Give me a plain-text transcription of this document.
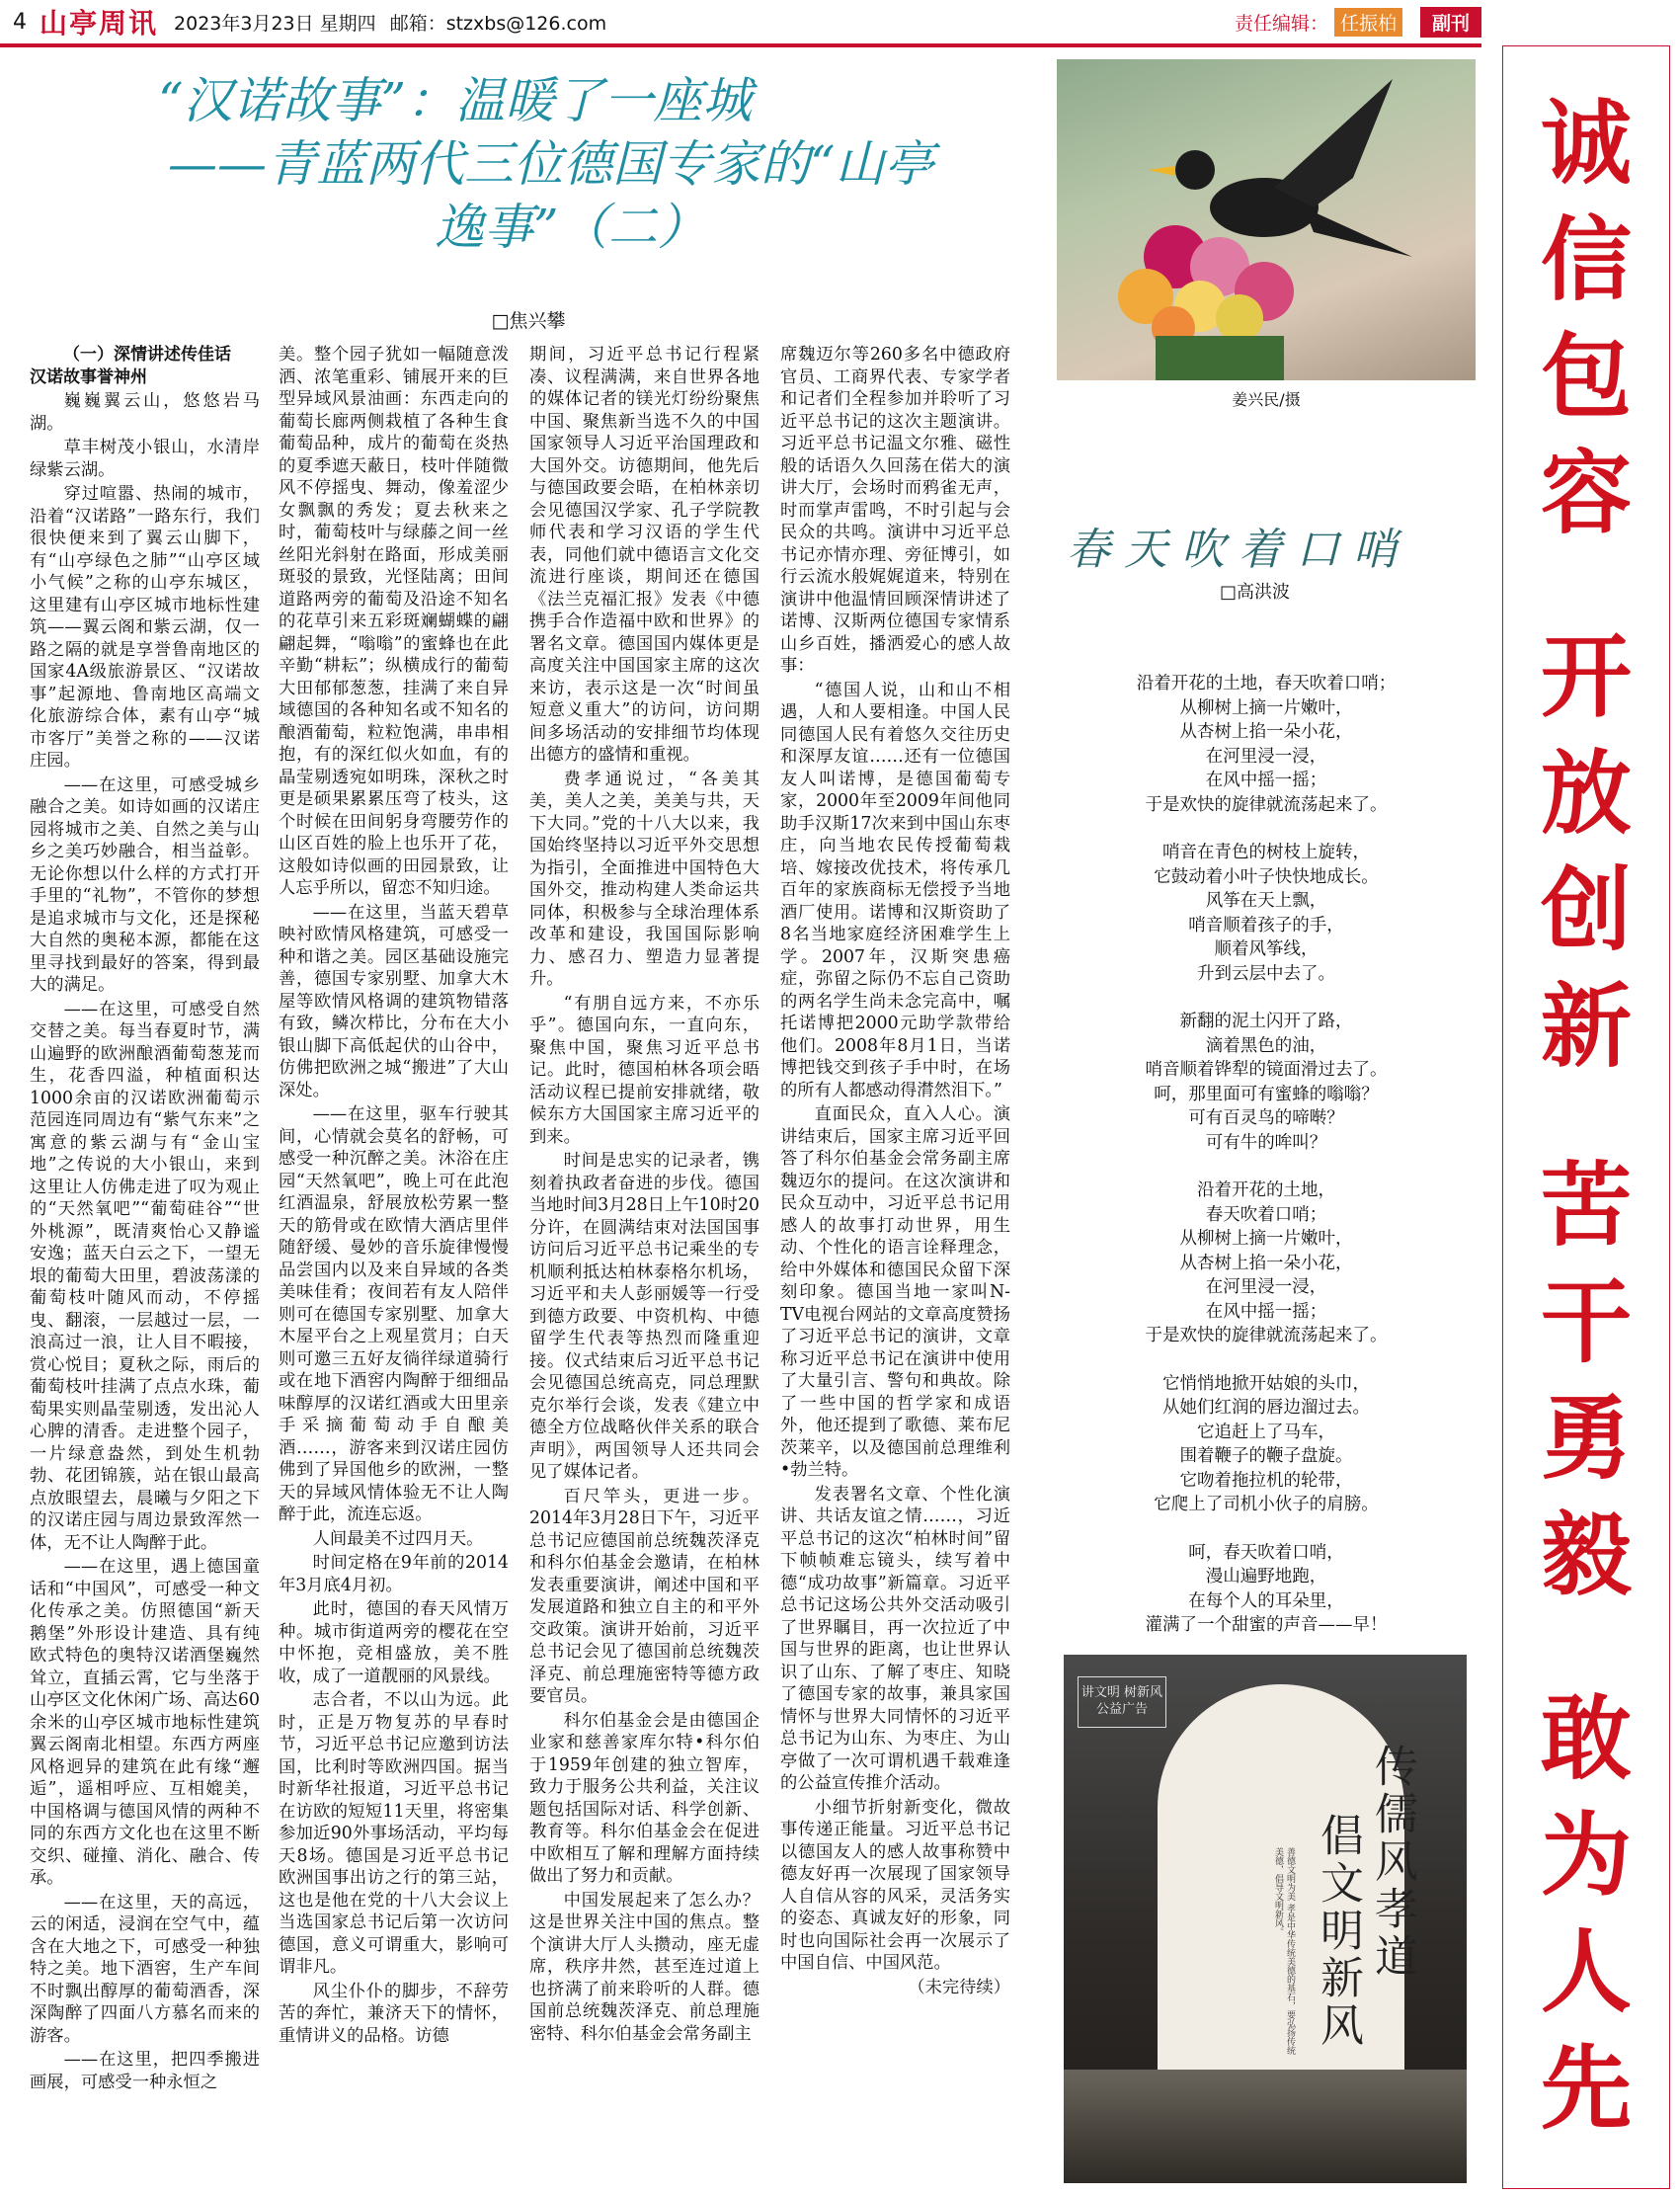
4 山亭周讯 2023年3月23日 星期四 邮箱：stzxbs@126.com	责任编辑： 任振柏	副刊
“汉诺故事”：温暖了一座城
——青蓝两代三位德国专家的“山亭
逸事”（二）
□焦兴攀

（一）深情讲述传佳话

汉诺故事誉神州

巍巍翼云山，悠悠岩马湖。

草丰树茂小银山，水清岸绿紫云湖。

穿过喧嚣、热闹的城市，沿着“汉诺路”一路东行，我们很快便来到了翼云山脚下，有“山亭绿色之肺”“山亭区域小气候”之称的山亭东城区，这里建有山亭区城市地标性建筑——翼云阁和紫云湖，仅一路之隔的就是享誉鲁南地区的国家4A级旅游景区、“汉诺故事”起源地、鲁南地区高端文化旅游综合体，素有山亭“城市客厅”美誉之称的——汉诺庄园。

——在这里，可感受城乡融合之美。如诗如画的汉诺庄园将城市之美、自然之美与山乡之美巧妙融合，相当益彰。无论你想以什么样的方式打开手里的“礼物”，不管你的梦想是追求城市与文化，还是探秘大自然的奥秘本源，都能在这里寻找到最好的答案，得到最大的满足。

——在这里，可感受自然交替之美。每当春夏时节，满山遍野的欧洲酿酒葡萄葱茏而生，花香四溢，种植面积达1000余亩的汉诺欧洲葡萄示范园连同周边有“紫气东来”之寓意的紫云湖与有“金山宝地”之传说的大小银山，来到这里让人仿佛走进了叹为观止的“天然氧吧”“葡萄硅谷”“世外桃源”，既清爽怡心又静谧安逸；蓝天白云之下，一望无垠的葡萄大田里，碧波荡漾的葡萄枝叶随风而动，不停摇曳、翻滚，一层越过一层，一浪高过一浪，让人目不暇接，赏心悦目；夏秋之际，雨后的葡萄枝叶挂满了点点水珠，葡萄果实则晶莹剔透，发出沁人心脾的清香。走进整个园子，一片绿意盎然，到处生机勃勃、花团锦簇，站在银山最高点放眼望去，晨曦与夕阳之下的汉诺庄园与周边景致浑然一体，无不让人陶醉于此。

——在这里，遇上德国童话和“中国风”，可感受一种文化传承之美。仿照德国“新天鹅堡”外形设计建造、具有纯欧式特色的奥特汉诺酒堡巍然耸立，直插云霄，它与坐落于山亭区文化休闲广场、高达60余米的山亭区城市地标性建筑翼云阁南北相望。东西方两座风格迥异的建筑在此有缘“邂逅”，遥相呼应、互相媲美，中国格调与德国风情的两种不同的东西方文化也在这里不断交织、碰撞、消化、融合、传承。

——在这里，天的高远，云的闲适，浸润在空气中，蕴含在大地之下，可感受一种独特之美。地下酒窖，生产车间不时飘出醇厚的葡萄酒香，深深陶醉了四面八方慕名而来的游客。

——在这里，把四季搬进画展，可感受一种永恒之

美。整个园子犹如一幅随意泼洒、浓笔重彩、铺展开来的巨型异域风景油画：东西走向的葡萄长廊两侧栽植了各种生食葡萄品种，成片的葡萄在炎热的夏季遮天蔽日，枝叶伴随微风不停摇曳、舞动，像羞涩少女飘飘的秀发；夏去秋来之时，葡萄枝叶与绿藤之间一丝丝阳光斜射在路面，形成美丽斑驳的景致，光怪陆离；田间道路两旁的葡萄及沿途不知名的花草引来五彩斑斓蝴蝶的翩翩起舞，“嗡嗡”的蜜蜂也在此辛勤“耕耘”；纵横成行的葡萄大田郁郁葱葱，挂满了来自异域德国的各种知名或不知名的酿酒葡萄，粒粒饱满，串串相抱，有的深红似火如血，有的晶莹剔透宛如明珠，深秋之时更是硕果累累压弯了枝头，这个时候在田间躬身弯腰劳作的山区百姓的脸上也乐开了花，这般如诗似画的田园景致，让人忘乎所以，留恋不知归途。

——在这里，当蓝天碧草映衬欧情风格建筑，可感受一种和谐之美。园区基础设施完善，德国专家别墅、加拿大木屋等欧情风格调的建筑物错落有致，鳞次栉比，分布在大小银山脚下高低起伏的山谷中，仿佛把欧洲之城“搬进”了大山深处。

——在这里，驱车行驶其间，心情就会莫名的舒畅，可感受一种沉醉之美。沐浴在庄园“天然氧吧”，晚上可在此泡红酒温泉，舒展放松劳累一整天的筋骨或在欧情大酒店里伴随舒缓、曼妙的音乐旋律慢慢品尝国内以及来自异域的各类美味佳肴；夜间若有友人陪伴则可在德国专家别墅、加拿大木屋平台之上观星赏月；白天则可邀三五好友徜徉绿道骑行或在地下酒窖内陶醉于细细品味醇厚的汉诺红酒或大田里亲手采摘葡萄动手自酿美酒……，游客来到汉诺庄园仿佛到了异国他乡的欧洲，一整天的异域风情体验无不让人陶醉于此，流连忘返。

人间最美不过四月天。

时间定格在9年前的2014年3月底4月初。

此时，德国的春天风情万种。城市街道两旁的樱花在空中怀抱，竞相盛放，美不胜收，成了一道靓丽的风景线。

志合者，不以山为远。此时，正是万物复苏的早春时节，习近平总书记应邀到访法国，比利时等欧洲四国。据当时新华社报道，习近平总书记在访欧的短短11天里，将密集参加近90外事场活动，平均每天8场。德国是习近平总书记欧洲国事出访之行的第三站，这也是他在党的十八大会议上当选国家总书记后第一次访问德国，意义可谓重大，影响可谓非凡。

风尘仆仆的脚步，不辞劳苦的奔忙，兼济天下的情怀，重情讲义的品格。访德

期间，习近平总书记行程紧凑、议程满满，来自世界各地的媒体记者的镁光灯纷纷聚焦中国、聚焦新当选不久的中国国家领导人习近平治国理政和大国外交。访德期间，他先后与德国政要会晤，在柏林亲切会见德国汉学家、孔子学院教师代表和学习汉语的学生代表，同他们就中德语言文化交流进行座谈，期间还在德国《法兰克福汇报》发表《中德携手合作造福中欧和世界》的署名文章。德国国内媒体更是高度关注中国国家主席的这次来访，表示这是一次“时间虽短意义重大”的访问，访问期间多场活动的安排细节均体现出德方的盛情和重视。

费孝通说过，“各美其美，美人之美，美美与共，天下大同。”党的十八大以来，我国始终坚持以习近平外交思想为指引，全面推进中国特色大国外交，推动构建人类命运共同体，积极参与全球治理体系改革和建设，我国国际影响力、感召力、塑造力显著提升。

“有朋自远方来，不亦乐乎”。德国向东，一直向东，聚焦中国，聚焦习近平总书记。此时，德国柏林各项会晤活动议程已提前安排就绪，敬候东方大国国家主席习近平的到来。

时间是忠实的记录者，镌刻着执政者奋进的步伐。德国当地时间3月28日上午10时20分许，在圆满结束对法国国事访问后习近平总书记乘坐的专机顺利抵达柏林泰格尔机场，习近平和夫人彭丽媛等一行受到德方政要、中资机构、中德留学生代表等热烈而隆重迎接。仪式结束后习近平总书记会见德国总统高克，同总理默克尔举行会谈，发表《建立中德全方位战略伙伴关系的联合声明》，两国领导人还共同会见了媒体记者。

百尺竿头，更进一步。2014年3月28日下午，习近平总书记应德国前总统魏茨泽克和科尔伯基金会邀请，在柏林发表重要演讲，阐述中国和平发展道路和独立自主的和平外交政策。演讲开始前，习近平总书记会见了德国前总统魏茨泽克、前总理施密特等德方政要官员。

科尔伯基金会是由德国企业家和慈善家库尔特•科尔伯于1959年创建的独立智库，致力于服务公共利益，关注议题包括国际对话、科学创新、教育等。科尔伯基金会在促进中欧相互了解和理解方面持续做出了努力和贡献。

中国发展起来了怎么办？这是世界关注中国的焦点。整个演讲大厅人头攒动，座无虚席，秩序井然，甚至连过道上也挤满了前来聆听的人群。德国前总统魏茨泽克、前总理施密特、科尔伯基金会常务副主

席魏迈尔等260多名中德政府官员、工商界代表、专家学者和记者们全程参加并聆听了习近平总书记的这次主题演讲。习近平总书记温文尔雅、磁性般的话语久久回荡在偌大的演讲大厅，会场时而鸦雀无声，时而掌声雷鸣，不时引起与会民众的共鸣。演讲中习近平总书记亦情亦理、旁征博引，如行云流水般娓娓道来，特别在演讲中他温情回顾深情讲述了诺博、汉斯两位德国专家情系山乡百姓，播洒爱心的感人故事：

“德国人说，山和山不相遇，人和人要相逢。中国人民同德国人民有着悠久交往历史和深厚友谊……还有一位德国友人叫诺博，是德国葡萄专家，2000年至2009年间他同助手汉斯17次来到中国山东枣庄，向当地农民传授葡萄栽培、嫁接改优技术，将传承几百年的家族商标无偿授予当地酒厂使用。诺博和汉斯资助了8名当地家庭经济困难学生上学。2007年，汉斯突患癌症，弥留之际仍不忘自己资助的两名学生尚未念完高中，嘱托诺博把2000元助学款带给他们。2008年8月1日，当诺博把钱交到孩子手中时，在场的所有人都感动得潸然泪下。”

直面民众，直入人心。演讲结束后，国家主席习近平回答了科尔伯基金会常务副主席魏迈尔的提问。在这次演讲和民众互动中，习近平总书记用感人的故事打动世界，用生动、个性化的语言诠释理念，给中外媒体和德国民众留下深刻印象。德国当地一家叫N-TV电视台网站的文章高度赞扬了习近平总书记的演讲，文章称习近平总书记在演讲中使用了大量引言、警句和典故。除了一些中国的哲学家和成语外，他还提到了歌德、莱布尼茨莱辛，以及德国前总理维利•勃兰特。

发表署名文章、个性化演讲、共话友谊之情……，习近平总书记的这次“柏林时间”留下帧帧难忘镜头，续写着中德“成功故事”新篇章。习近平总书记这场公共外交活动吸引了世界瞩目，再一次拉近了中国与世界的距离，也让世界认识了山东、了解了枣庄、知晓了德国专家的故事，兼具家国情怀与世界大同情怀的习近平总书记为山东、为枣庄、为山亭做了一次可谓机遇千载难逢的公益宣传推介活动。

小细节折射新变化，微故事传递正能量。习近平总书记以德国友人的感人故事称赞中德友好再一次展现了国家领导人自信从容的风采，灵活务实的姿态、真诚友好的形象，同时也向国际社会再一次展示了中国自信、中国风范。

（未完待续）

姜兴民/摄
春天吹着口哨
□高洪波
沿着开花的土地，春天吹着口哨；
从柳树上摘一片嫩叶，
从杏树上掐一朵小花，
在河里浸一浸，
在风中摇一摇；
于是欢快的旋律就流荡起来了。
哨音在青色的树枝上旋转，
它鼓动着小叶子快快地成长。
风筝在天上飘，
哨音顺着孩子的手，
顺着风筝线，
升到云层中去了。
新翻的泥土闪开了路，
滴着黑色的油，
哨音顺着铧犁的镜面滑过去了。
呵，那里面可有蜜蜂的嗡嗡？
可有百灵鸟的啼啭？
可有牛的哞叫？
沿着开花的土地，
春天吹着口哨；
从柳树上摘一片嫩叶，
从杏树上掐一朵小花，
在河里浸一浸，
在风中摇一摇；
于是欢快的旋律就流荡起来了。
它悄悄地掀开姑娘的头巾，
从她们红润的唇边溜过去。
它追赶上了马车，
围着鞭子的鞭子盘旋。
它吻着拖拉机的轮带，
它爬上了司机小伙子的肩膀。
呵，春天吹着口哨，
漫山遍野地跑，
在每个人的耳朵里，
灌满了一个甜蜜的声音——早！
讲文明 树新风 公益广告
传儒风孝道
倡文明新风
善德文明为美 孝是中华传统美德的基石，要弘扬传统美德，倡导文明新风。
诚
信
包
容
开
放
创
新
苦
干
勇
毅
敢
为
人
先
